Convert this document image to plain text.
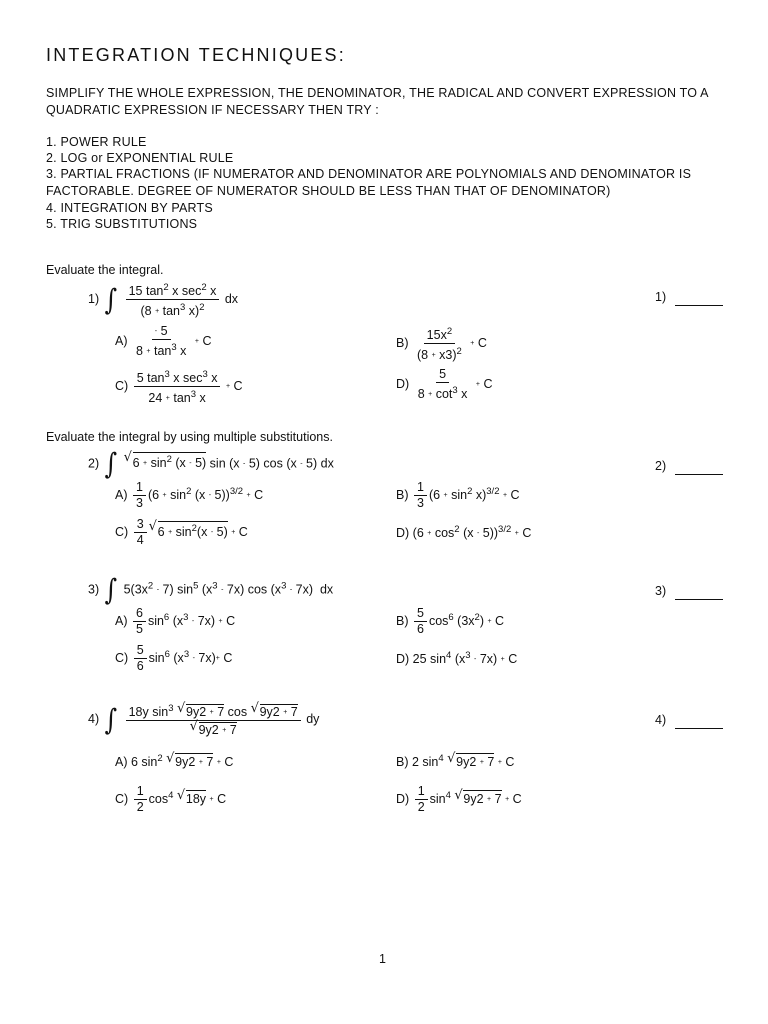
INTEGRATION TECHNIQUES:
SIMPLIFY THE WHOLE EXPRESSION, THE DENOMINATOR, THE RADICAL AND CONVERT EXPRESSION TO A QUADRATIC EXPRESSION IF NECESSARY THEN TRY :
1. POWER RULE
2. LOG or EXPONENTIAL RULE
3. PARTIAL FRACTIONS (IF NUMERATOR AND DENOMINATOR ARE POLYNOMIALS AND DENOMINATOR IS FACTORABLE. DEGREE OF NUMERATOR SHOULD BE LESS THAN THAT OF DENOMINATOR)
4. INTEGRATION BY PARTS
5. TRIG SUBSTITUTIONS
Evaluate the integral.
1) ∫ $\frac{15 \tan^2 x \sec^2 x}{(8 + \tan^3 x)^2}$ dx	1)
$A) \frac{- 5}{8 + \tan^3 x} + C$	$B) \frac{15x^2}{(8 + x3)^2} + C$
$C) \frac{5 \tan^3 x \sec^3 x}{24 + \tan^3 x} + C$	$D) \frac{5}{8 + \cot^3 x} + C$
Evaluate the integral by using multiple substitutions.
2) ∫ √ $6 + \sin^2 (x - 5)$ sin (x - 5) cos (x - 5) dx	2)
$A) \frac{1}{3} (6 + \sin^2 (x - 5))^{3/2} + C$	$B) \frac{1}{3} (6 + \sin^2 x)^{3/2} + C$
$C) \frac{3}{4}$ √ $6 + \sin^2(x - 5) + C$	D) $(6 + \cos^2 (x - 5))^{3/2} + C$
3) ∫ $5(3x^2 - 7)$ $\sin^5 (x^3 - 7x)$ $\cos (x^3 - 7x)$  dx	3)
$A) \frac{6}{5} \sin^6 (x^3 - 7x) + C$	$B) \frac{5}{6} \cos^6 (3x^2) + C$
$C) \frac{5}{6} \sin^6 (x^3 - 7x)+ C$	D) 25 $\sin^4 (x^3 - 7x) + C$
4) ∫ $\frac{18y \sin^3 √ 9y2 + 7 \cos √ 9y2 + 7}{√ 9y2 + 7}$ dy	4)
A) 6 $\sin^2$ √ 9y2 + 7 + C	B) 2 $\sin^4$ √ 9y2 + 7 + C
$C) \frac{1}{2} \cos^4$ √ 18y + C	$D) \frac{1}{2} \sin^4$ √ 9y2 + 7 + C
1
